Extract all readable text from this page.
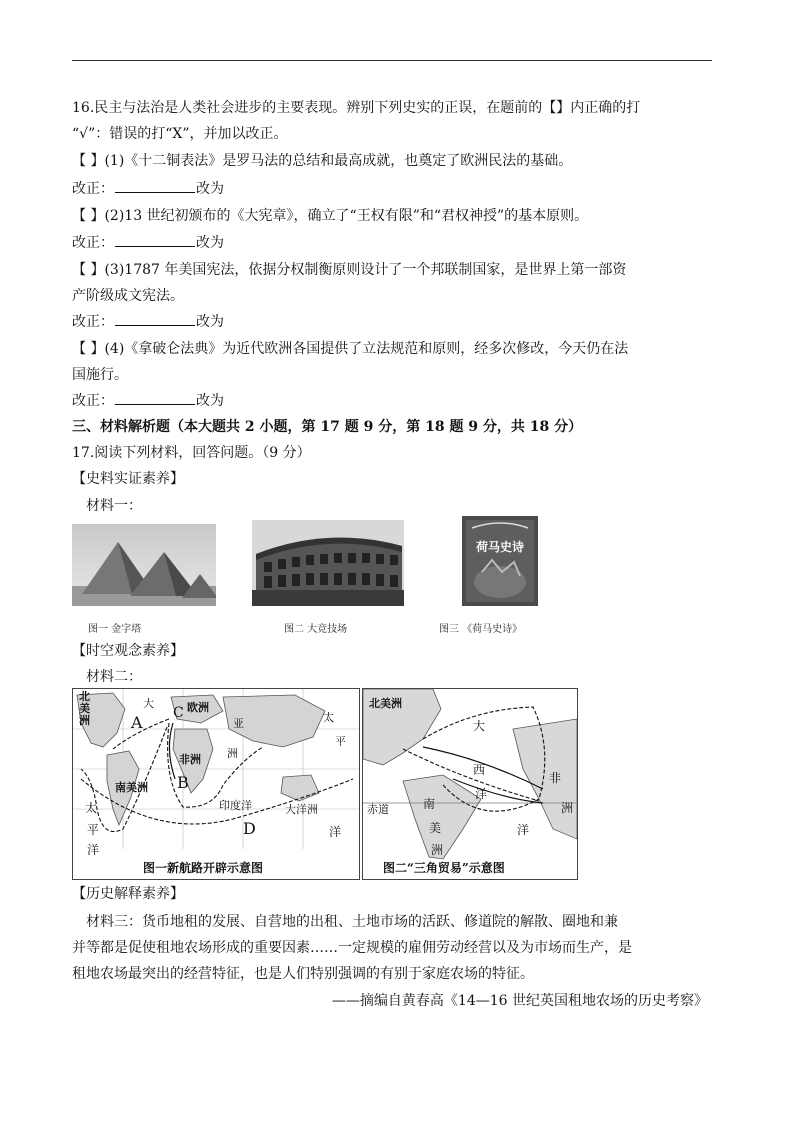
16.民主与法治是人类社会进步的主要表现。辨别下列史实的正误，在题前的【】内正确的打
“√”：错误的打“X”，并加以改正。
【 】(1)《十二铜表法》是罗马法的总结和最高成就，也奠定了欧洲民法的基础。
改正：	改为
【 】(2)13 世纪初颁布的《大宪章》，确立了“王权有限”和“君权神授”的基本原则。
改正：	改为
【 】(3)1787 年美国宪法，依据分权制衡原则设计了一个邦联制国家，是世界上第一部资
产阶级成文宪法。
改正：	改为
【 】(4)《拿破仑法典》为近代欧洲各国提供了立法规范和原则，经多次修改，今天仍在法
国施行。
改正：	改为
三、材料解析题（本大题共 2 小题，第 17 题 9 分，第 18 题 9 分，共 18 分）
17.阅读下列材料，回答问题。（9 分）
【史料实证素养】
材料一：
图一 金字塔	图二 大竞技场
荷马史诗
图三 《荷马史诗》
【时空观念素养】
材料二：
北美洲
大	欧洲
亚
洲
太
平
非洲
南美洲
印度洋	大洋洲
太
平
洋
洋
A
B
C
D
图一新航路开辟示意图
北美洲
大
西
洋
非
洲
南
美
洲
赤道
洋
图二“三角贸易”示意图
【历史解释素养】
材料三：货币地租的发展、自营地的出租、土地市场的活跃、修道院的解散、圈地和兼
并等都是促使租地农场形成的重要因素……一定规模的雇佣劳动经营以及为市场而生产，是
租地农场最突出的经营特征，也是人们特别强调的有别于家庭农场的特征。
——摘编自黄春高《14—16 世纪英国租地农场的历史考察》
